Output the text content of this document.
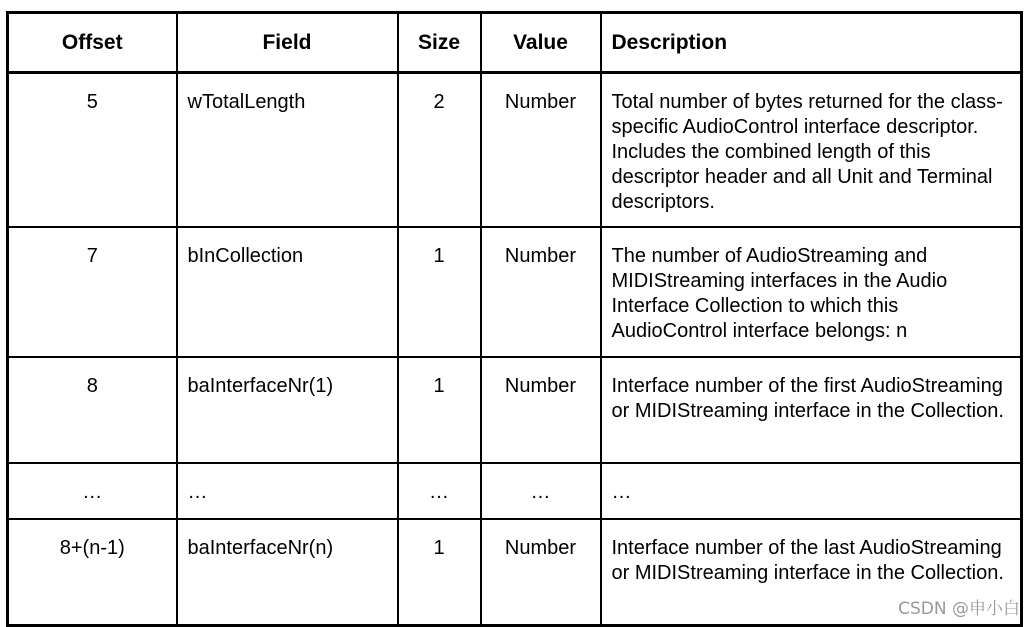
Offset	Field	Size	Value	Description
5	wTotalLength	2	Number	Total number of bytes returned for the class-specific AudioControl interface descriptor. Includes the combined length of this descriptor header and all Unit and Terminal descriptors.
7	bInCollection	1	Number	The number of AudioStreaming and MIDIStreaming interfaces in the Audio Interface Collection to which this AudioControl interface belongs: n
8	baInterfaceNr(1)	1	Number	Interface number of the first AudioStreaming or MIDIStreaming interface in the Collection.
…	…	…	…	…
8+(n-1)	baInterfaceNr(n)	1	Number	Interface number of the last AudioStreaming or MIDIStreaming interface in the Collection.
CSDN @申小白
